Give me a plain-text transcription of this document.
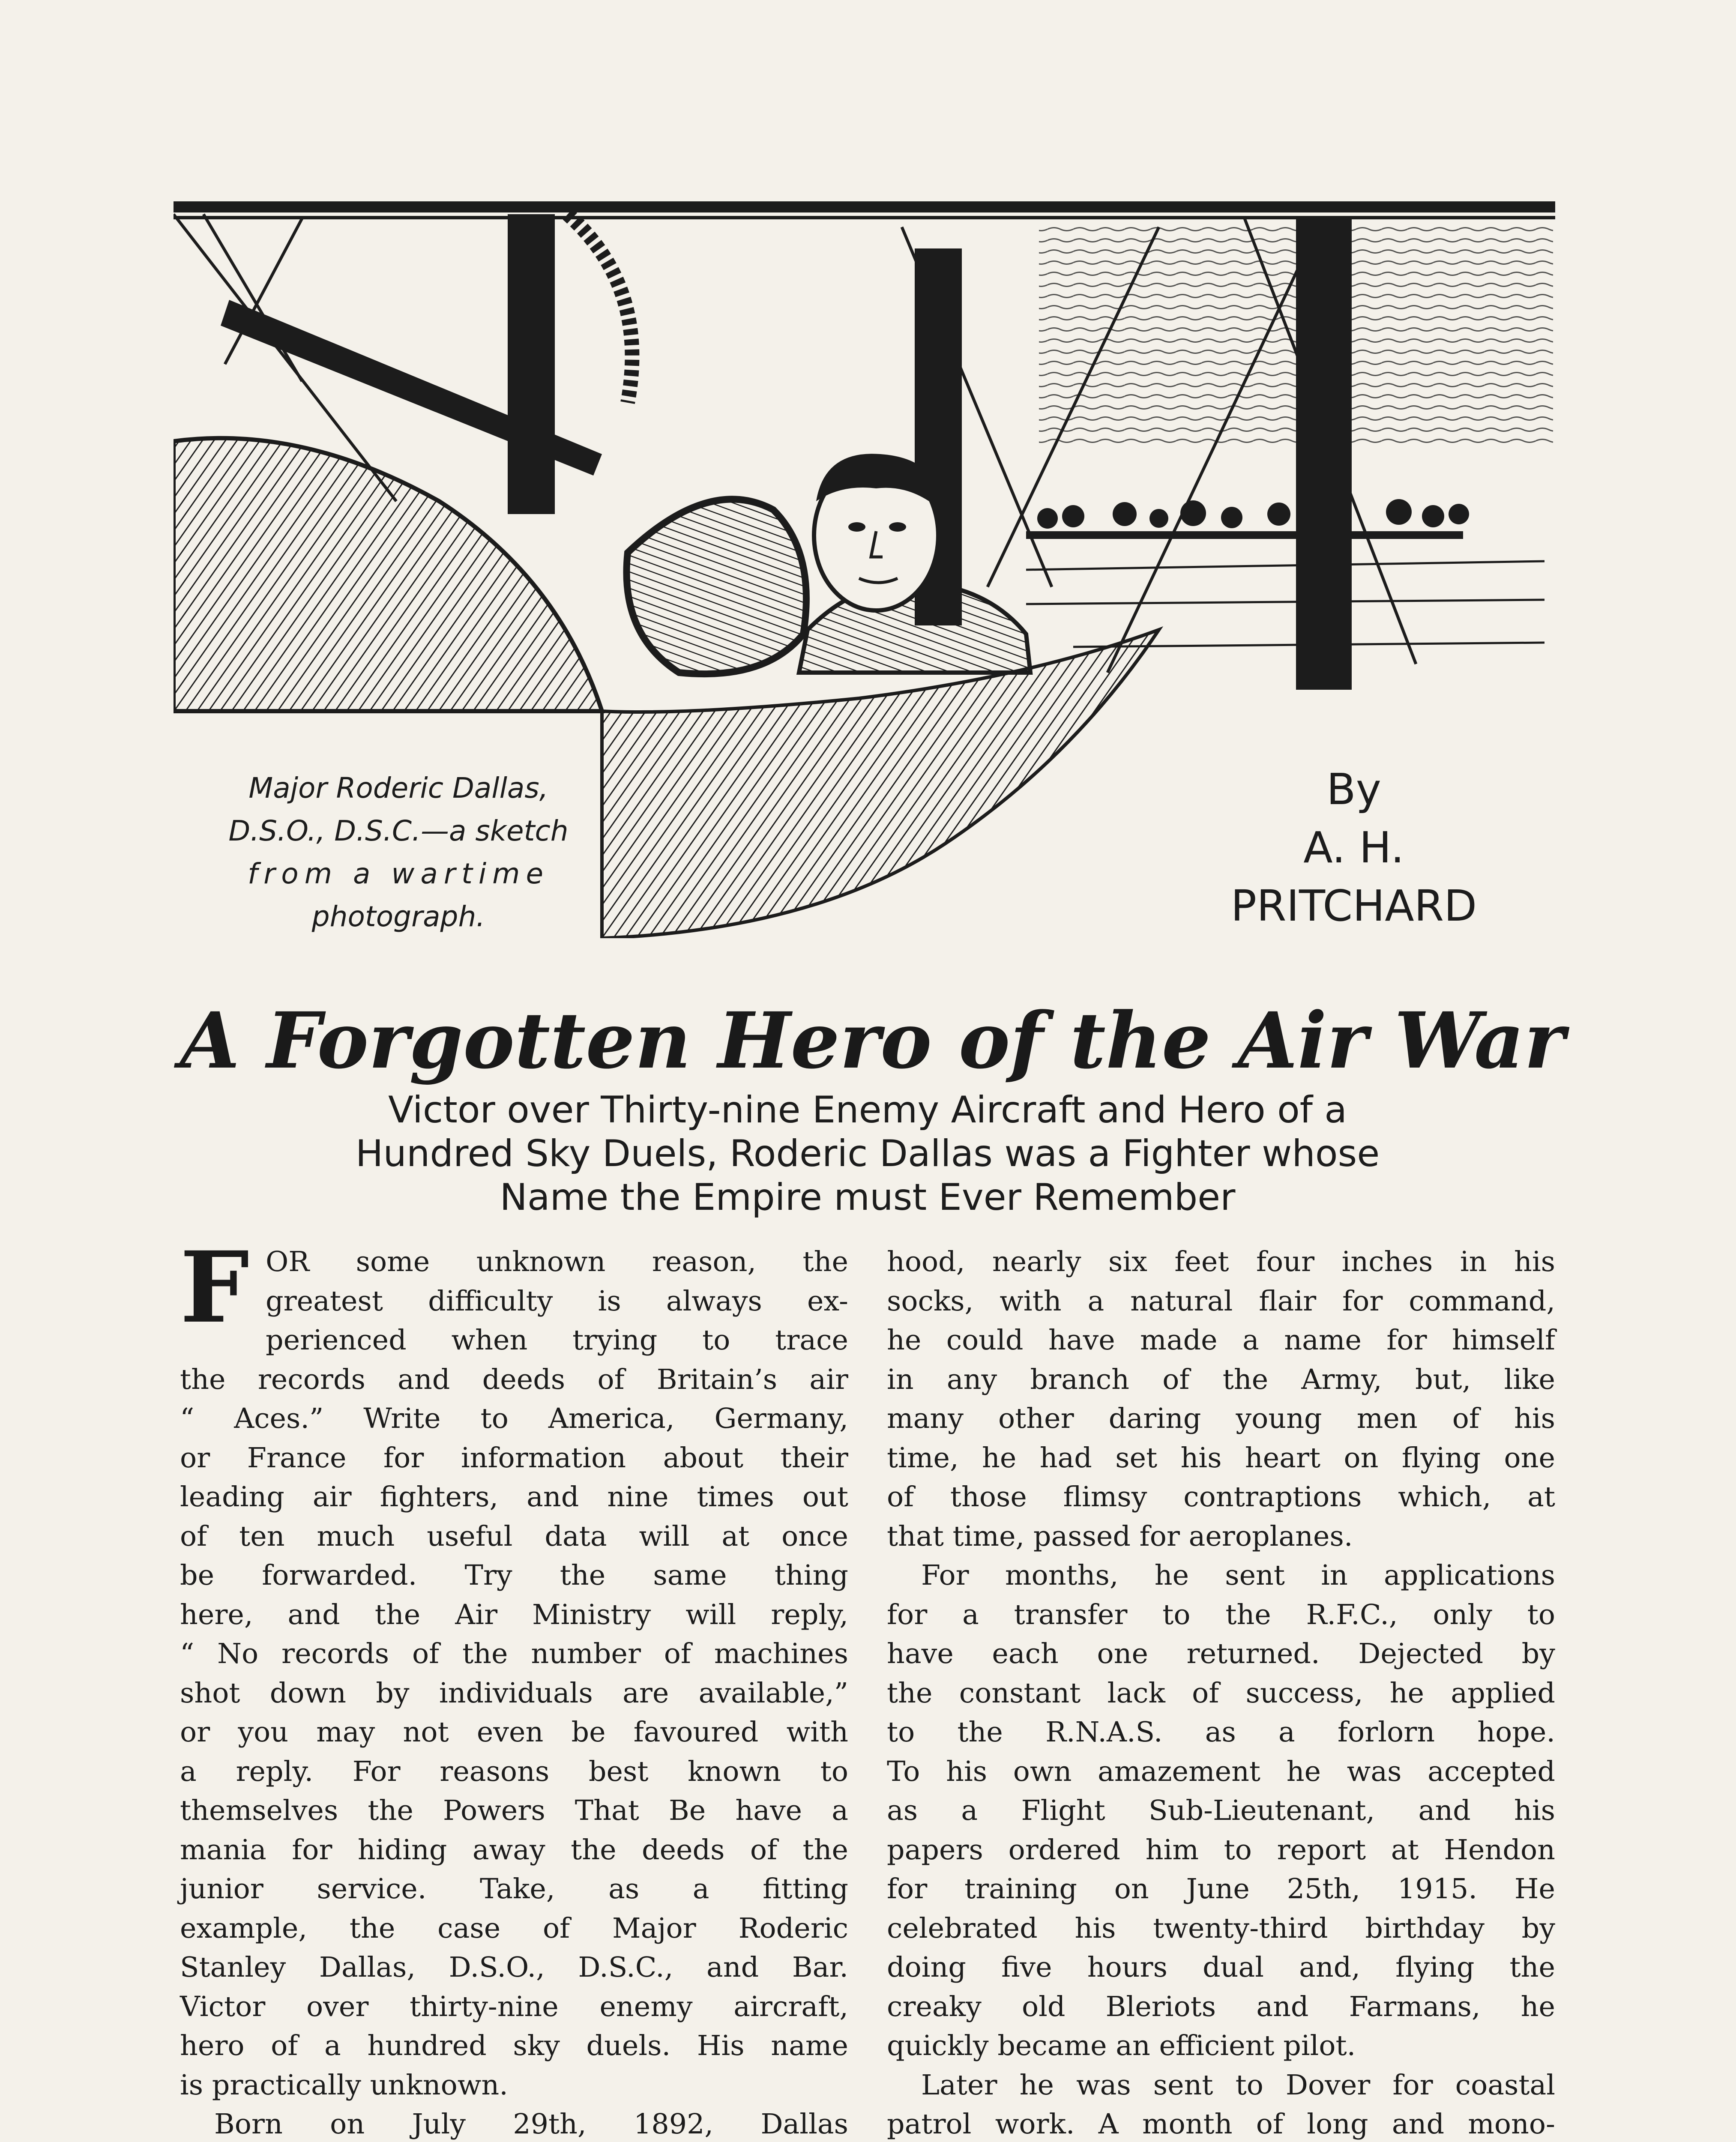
Major Roderic Dallas,
D.S.O., D.S.C.—a sketch
from a wartime
photograph.
By
A. H.
PRITCHARD
A Forgotten Hero of the Air War
Victor over Thirty-nine Enemy Aircraft and Hero of a
Hundred Sky Duels, Roderic Dallas was a Fighter whose
Name the Empire must Ever Remember
F OR some unknown reason, the
greatest difficulty is always ex-
perienced when trying to trace
the records and deeds of Britain’s air
“ Aces.” Write to America, Germany,
or France for information about their
leading air fighters, and nine times out
of ten much useful data will at once
be forwarded. Try the same thing
here, and the Air Ministry will reply,
“ No records of the number of machines
shot down by individuals are available,”
or you may not even be favoured with
a reply. For reasons best known to
themselves the Powers That Be have a
mania for hiding away the deeds of the
junior service. Take, as a fitting
example, the case of Major Roderic
Stanley Dallas, D.S.O., D.S.C., and Bar.
Victor over thirty-nine enemy aircraft,
hero of a hundred sky duels. His name
is practically unknown.
Born on July 29th, 1892, Dallas
hood, nearly six feet four inches in his
socks, with a natural flair for command,
he could have made a name for himself
in any branch of the Army, but, like
many other daring young men of his
time, he had set his heart on flying one
of those flimsy contraptions which, at
that time, passed for aeroplanes.
For months, he sent in applications
for a transfer to the R.F.C., only to
have each one returned. Dejected by
the constant lack of success, he applied
to the R.N.A.S. as a forlorn hope.
To his own amazement he was accepted
as a Flight Sub-Lieutenant, and his
papers ordered him to report at Hendon
for training on June 25th, 1915. He
celebrated his twenty-third birthday by
doing five hours dual and, flying the
creaky old Bleriots and Farmans, he
quickly became an efficient pilot.
Later he was sent to Dover for coastal
patrol work. A month of long and mono-
